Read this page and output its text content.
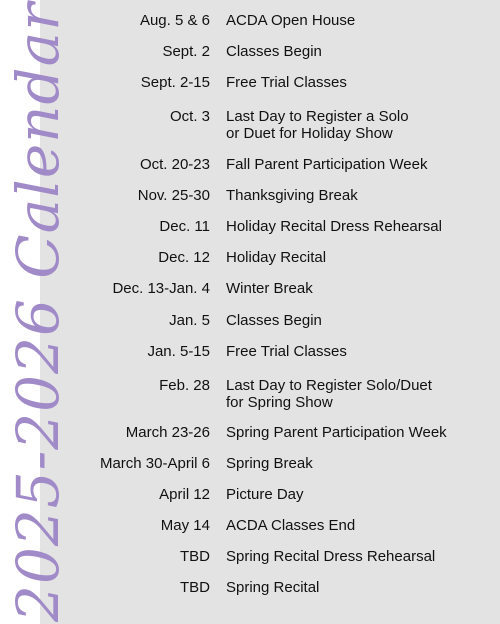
2025-2026 Calendar	Aug. 5 & 6 ACDA Open House
Sept. 2 Classes Begin
Sept. 2-15 Free Trial Classes
Oct. 3 Last Day to Register a Solo
or Duet for Holiday Show
Oct. 20-23 Fall Parent Participation Week
Nov. 25-30 Thanksgiving Break
Dec. 11 Holiday Recital Dress Rehearsal
Dec. 12 Holiday Recital
Dec. 13-Jan. 4 Winter Break
Jan. 5 Classes Begin
Jan. 5-15 Free Trial Classes
Feb. 28 Last Day to Register Solo/Duet
for Spring Show
March 23-26 Spring Parent Participation Week
March 30-April 6 Spring Break
April 12 Picture Day
May 14 ACDA Classes End
TBD Spring Recital Dress Rehearsal
TBD Spring Recital
